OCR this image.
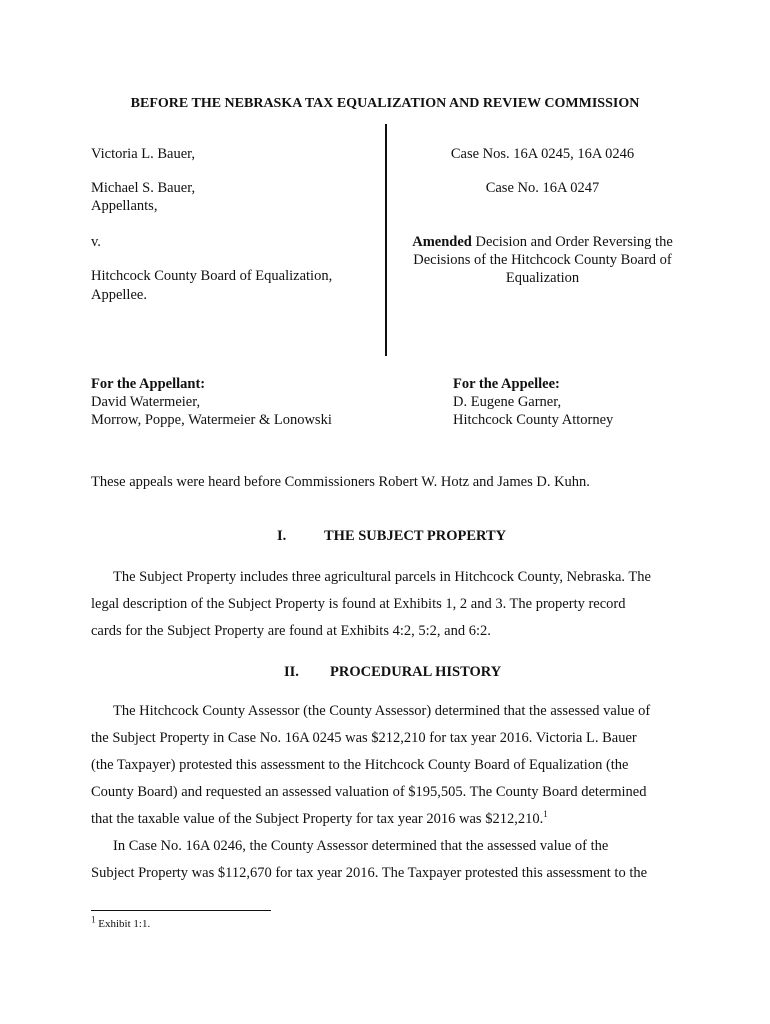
BEFORE THE NEBRASKA TAX EQUALIZATION AND REVIEW COMMISSION
Victoria L. Bauer,
Michael S. Bauer,
Appellants,
v.
Hitchcock County Board of Equalization,
Appellee.
Case Nos. 16A 0245, 16A 0246
Case No. 16A 0247
Amended Decision and Order Reversing the
Decisions of the Hitchcock County Board of
Equalization
For the Appellant:
David Watermeier,
Morrow, Poppe, Watermeier & Lonowski
For the Appellee:
D. Eugene Garner,
Hitchcock County Attorney
These appeals were heard before Commissioners Robert W. Hotz and James D. Kuhn.
I.	THE SUBJECT PROPERTY
The Subject Property includes three agricultural parcels in Hitchcock County, Nebraska. The
legal description of the Subject Property is found at Exhibits 1, 2 and 3. The property record
cards for the Subject Property are found at Exhibits 4:2, 5:2, and 6:2.
II. PROCEDURAL HISTORY
The Hitchcock County Assessor (the County Assessor) determined that the assessed value of
the Subject Property in Case No. 16A 0245 was $212,210 for tax year 2016. Victoria L. Bauer
(the Taxpayer) protested this assessment to the Hitchcock County Board of Equalization (the
County Board) and requested an assessed valuation of $195,505. The County Board determined
that the taxable value of the Subject Property for tax year 2016 was $212,210.$^1$
In Case No. 16A 0246, the County Assessor determined that the assessed value of the
Subject Property was $112,670 for tax year 2016. The Taxpayer protested this assessment to the
$^1$ Exhibit 1:1.
